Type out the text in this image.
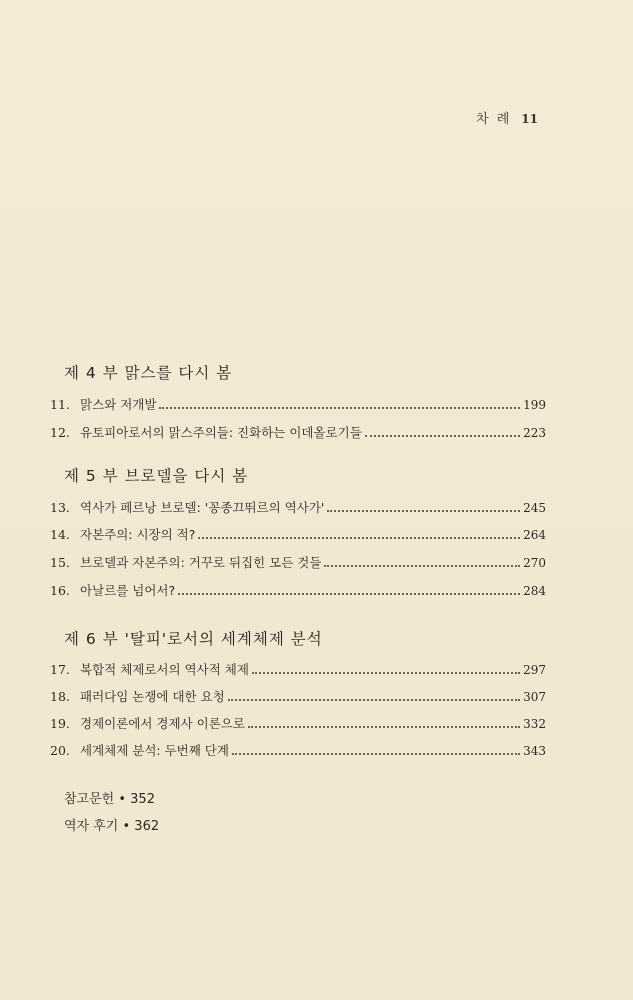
차 례 11
제 4 부 맑스를 다시 봄
11. 맑스와 저개발	199
12. 유토피아로서의 맑스주의들: 진화하는 이데올로기들	223
제 5 부 브로델을 다시 봄
13. 역사가 페르낭 브로델: '꽁종끄뛰르의 역사가'	245
14. 자본주의: 시장의 적?	264
15. 브로델과 자본주의: 거꾸로 뒤집힌 모든 것들	270
16. 아날르를 넘어서?	284
제 6 부 '탈피'로서의 세계체제 분석
17. 복합적 체제로서의 역사적 체제	297
18. 패러다임 논쟁에 대한 요청	307
19. 경제이론에서 경제사 이론으로	332
20. 세계체제 분석: 두번째 단계	343
참고문헌 • 352
역자 후기 • 362
